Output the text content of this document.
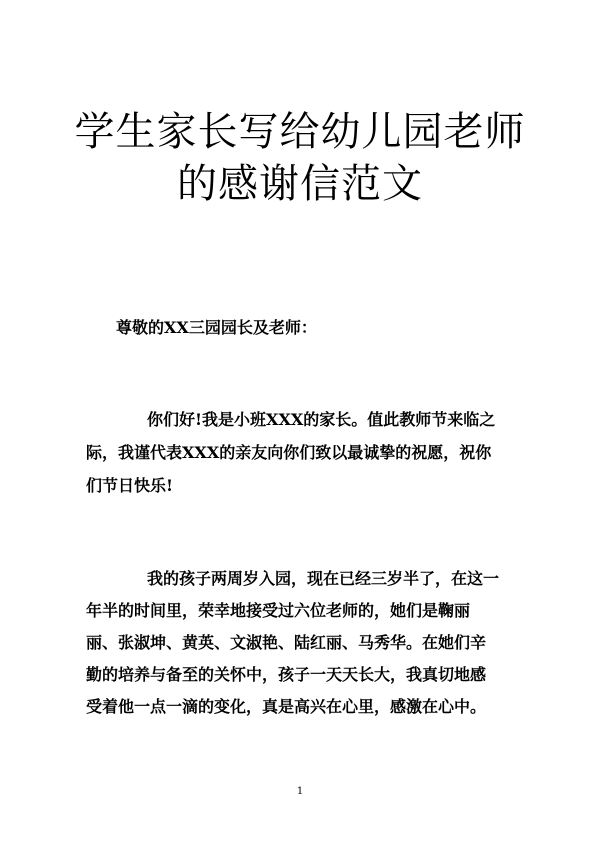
学生家长写给幼儿园老师
的感谢信范文

尊敬的XX三园园长及老师：

你们好!我是小班XXX的家长。值此教师节来临之

际，我谨代表XXX的亲友向你们致以最诚挚的祝愿，祝你

们节日快乐!

我的孩子两周岁入园，现在已经三岁半了，在这一

年半的时间里，荣幸地接受过六位老师的，她们是鞠丽

丽、张淑坤、黄英、文淑艳、陆红丽、马秀华。在她们辛

勤的培养与备至的关怀中，孩子一天天长大，我真切地感

受着他一点一滴的变化，真是高兴在心里，感激在心中。

1
